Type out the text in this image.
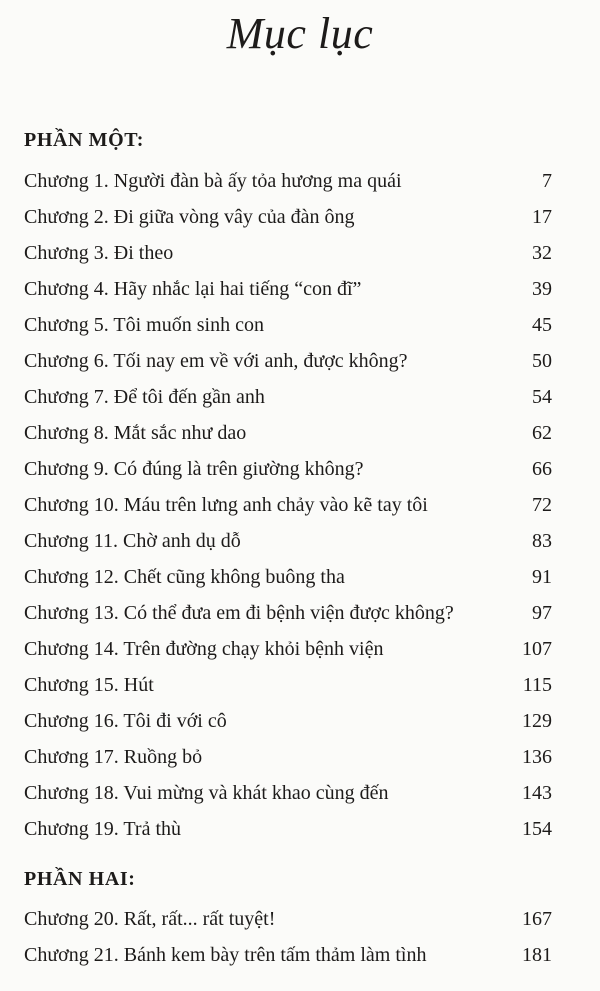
Mục lục
PHẦN MỘT:
Chương 1. Người đàn bà ấy tỏa hương ma quái	7
Chương 2. Đi giữa vòng vây của đàn ông	17
Chương 3. Đi theo	32
Chương 4. Hãy nhắc lại hai tiếng “con đĩ”	39
Chương 5. Tôi muốn sinh con	45
Chương 6. Tối nay em về với anh, được không?	50
Chương 7. Để tôi đến gần anh	54
Chương 8. Mắt sắc như dao	62
Chương 9. Có đúng là trên giường không?	66
Chương 10. Máu trên lưng anh chảy vào kẽ tay tôi	72
Chương 11. Chờ anh dụ dỗ	83
Chương 12. Chết cũng không buông tha	91
Chương 13. Có thể đưa em đi bệnh viện được không?	97
Chương 14. Trên đường chạy khỏi bệnh viện	107
Chương 15. Hút	115
Chương 16. Tôi đi với cô	129
Chương 17. Ruồng bỏ	136
Chương 18. Vui mừng và khát khao cùng đến	143
Chương 19. Trả thù	154
PHẦN HAI:
Chương 20. Rất, rất... rất tuyệt!	167
Chương 21. Bánh kem bày trên tấm thảm làm tình	181
